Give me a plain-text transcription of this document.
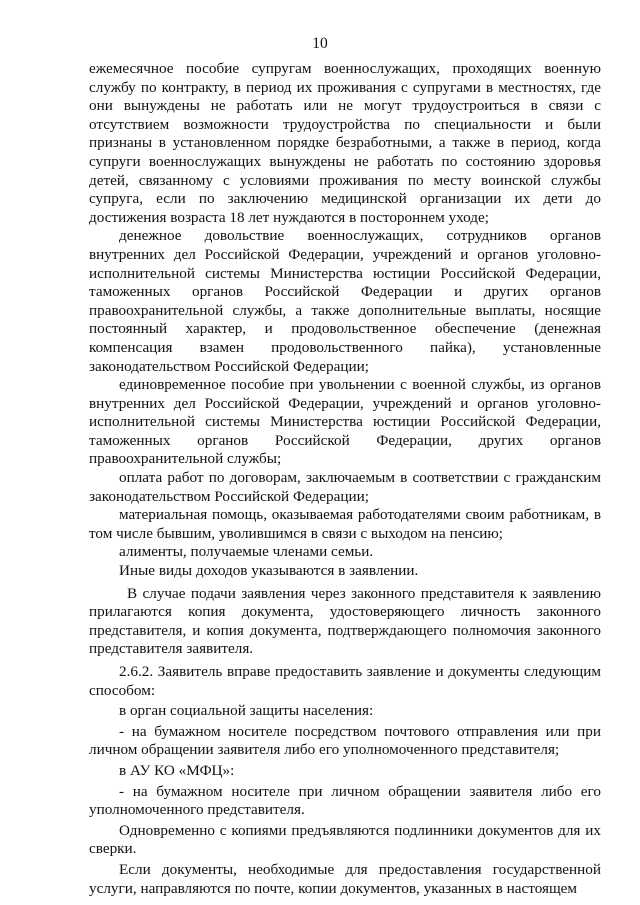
10

ежемесячное пособие супругам военнослужащих, проходящих военную службу по контракту, в период их проживания с супругами в местностях, где они вынуждены не работать или не могут трудоустроиться в связи с отсутствием возможности трудоустройства по специальности и были признаны в установленном порядке безработными, а также в период, когда супруги военнослужащих вынуждены не работать по состоянию здоровья детей, связанному с условиями проживания по месту воинской службы супруга, если по заключению медицинской организации их дети до достижения возраста 18 лет нуждаются в постороннем уходе;

денежное довольствие военнослужащих, сотрудников органов внутренних дел Российской Федерации, учреждений и органов уголовно-исполнительной системы Министерства юстиции Российской Федерации, таможенных органов Российской Федерации и других органов правоохранительной службы, а также дополнительные выплаты, носящие постоянный характер, и продовольственное обеспечение (денежная компенсация взамен продовольственного пайка), установленные законодательством Российской Федерации;

единовременное пособие при увольнении с военной службы, из органов внутренних дел Российской Федерации, учреждений и органов уголовно-исполнительной системы Министерства юстиции Российской Федерации, таможенных органов Российской Федерации, других органов правоохранительной службы;

оплата работ по договорам, заключаемым в соответствии с гражданским законодательством Российской Федерации;

материальная помощь, оказываемая работодателями своим работникам, в том числе бывшим, уволившимся в связи с выходом на пенсию;

алименты, получаемые членами семьи.

Иные виды доходов указываются в заявлении.

В случае подачи заявления через законного представителя к заявлению прилагаются копия документа, удостоверяющего личность законного представителя, и копия документа, подтверждающего полномочия законного представителя заявителя.

2.6.2. Заявитель вправе предоставить заявление и документы следующим способом:

в орган социальной защиты населения:

- на бумажном носителе посредством почтового отправления или при личном обращении заявителя либо его уполномоченного представителя;

в АУ КО «МФЦ»:

- на бумажном носителе при личном обращении заявителя либо его уполномоченного представителя.

Одновременно с копиями предъявляются подлинники документов для их сверки.

Если документы, необходимые для предоставления государственной услуги, направляются по почте, копии документов, указанных в настоящем
